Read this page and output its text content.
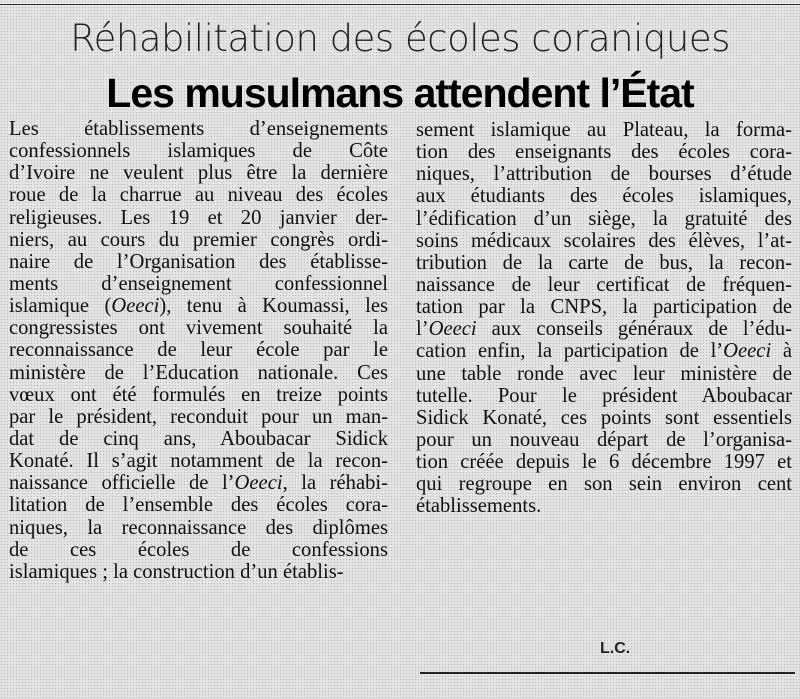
Réhabilitation des écoles coraniques
Les musulmans attendent l’État
Les établissements d’enseignements
confessionnels islamiques de Côte
d’Ivoire ne veulent plus être la dernière
roue de la charrue au niveau des écoles
religieuses. Les 19 et 20 janvier der-
niers, au cours du premier congrès ordi-
naire de l’Organisation des établisse-
ments d’enseignement confessionnel
islamique (Oeeci), tenu à Koumassi, les
congressistes ont vivement souhaité la
reconnaissance de leur école par le
ministère de l’Education nationale. Ces
vœux ont été formulés en treize points
par le président, reconduit pour un man-
dat de cinq ans, Aboubacar Sidick
Konaté. Il s’agit notamment de la recon-
naissance officielle de l’Oeeci, la réhabi-
litation de l’ensemble des écoles cora-
niques, la reconnaissance des diplômes
de ces écoles de confessions
islamiques ; la construction d’un établis-
sement islamique au Plateau, la forma-
tion des enseignants des écoles cora-
niques, l’attribution de bourses d’étude
aux étudiants des écoles islamiques,
l’édification d’un siège, la gratuité des
soins médicaux scolaires des élèves, l’at-
tribution de la carte de bus, la recon-
naissance de leur certificat de fréquen-
tation par la CNPS, la participation de
l’Oeeci aux conseils généraux de l’édu-
cation enfin, la participation de l’Oeeci à
une table ronde avec leur ministère de
tutelle. Pour le président Aboubacar
Sidick Konaté, ces points sont essentiels
pour un nouveau départ de l’organisa-
tion créée depuis le 6 décembre 1997 et
qui regroupe en son sein environ cent
établissements.
L.C.
